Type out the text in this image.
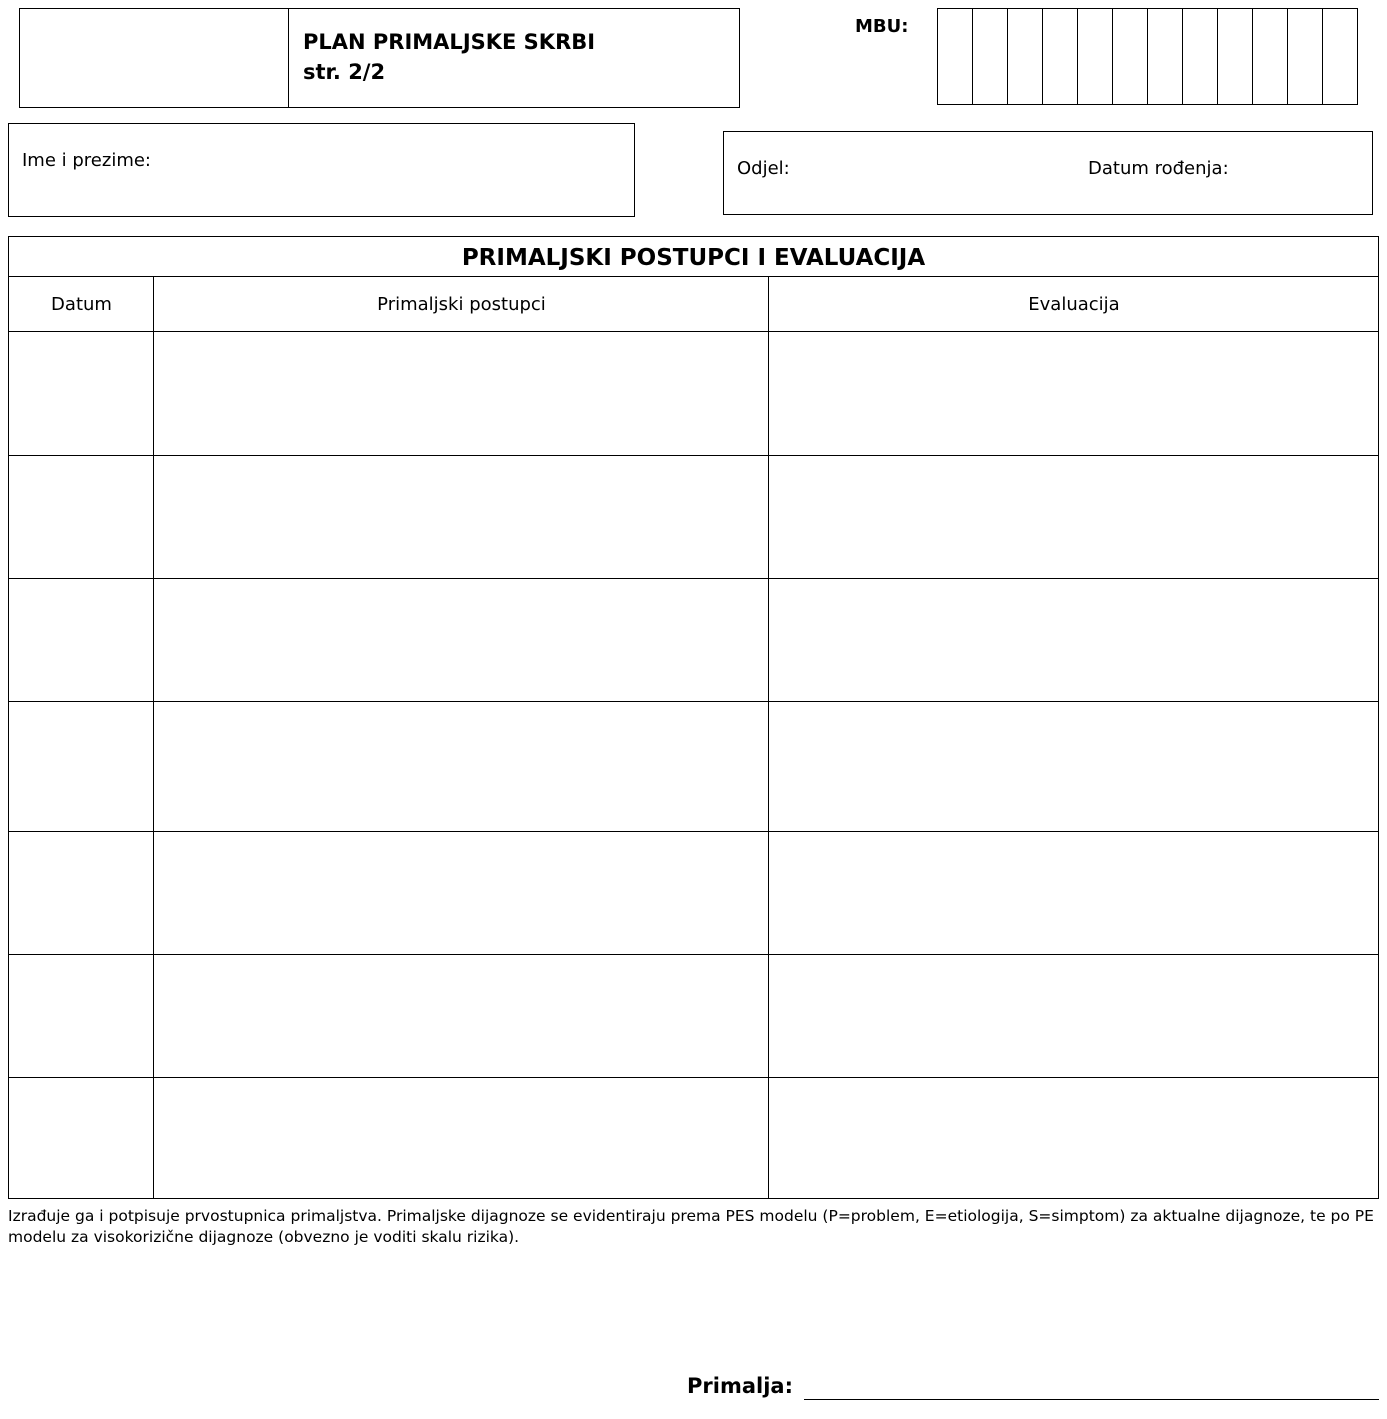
PLAN PRIMALJSKE SKRBI
str. 2/2
MBU:
Ime i prezime:	Odjel:	Datum rođenja:
PRIMALJSKI POSTUPCI I EVALUACIJA
Datum	Primaljski postupci	Evaluacija
Izrađuje ga i potpisuje prvostupnica primaljstva. Primaljske dijagnoze se evidentiraju prema PES modelu (P=problem, E=etiologija, S=simptom) za aktualne dijagnoze, te po PE modelu za visokorizične dijagnoze (obvezno je voditi skalu rizika).
Primalja:
